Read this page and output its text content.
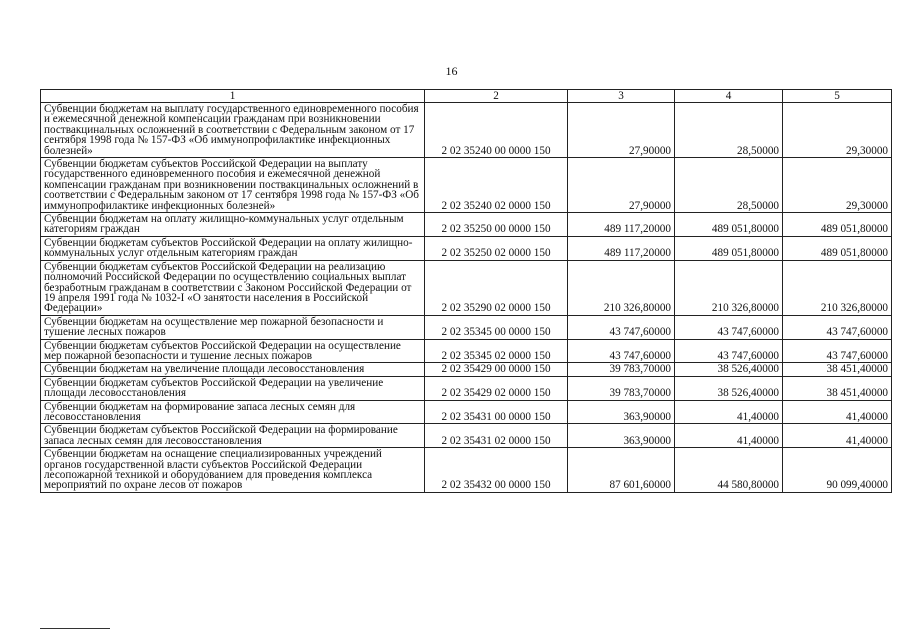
16
1	2	3	4	5
Субвенции бюджетам на выплату государственного единовременного пособия и ежемесячной денежной компенсации гражданам при возникновении поствакцинальных осложнений в соответствии с Федеральным законом от 17 сентября 1998 года № 157-ФЗ «Об иммунопрофилактике инфекционных болезней»	2 02 35240 00 0000 150	27,90000	28,50000	29,30000
Субвенции бюджетам субъектов Российской Федерации на выплату государственного единовременного пособия и ежемесячной денежной компенсации гражданам при возникновении поствакцинальных осложнений в соответствии с Федеральным законом от 17 сентября 1998 года № 157-ФЗ «Об иммунопрофилактике инфекционных болезней»	2 02 35240 02 0000 150	27,90000	28,50000	29,30000
Субвенции бюджетам на оплату жилищно-коммунальных услуг отдельным категориям граждан	2 02 35250 00 0000 150	489 117,20000	489 051,80000	489 051,80000
Субвенции бюджетам субъектов Российской Федерации на оплату жилищно-коммунальных услуг отдельным категориям граждан	2 02 35250 02 0000 150	489 117,20000	489 051,80000	489 051,80000
Субвенции бюджетам субъектов Российской Федерации на реализацию полномочий Российской Федерации по осуществлению социальных выплат безработным гражданам в соответствии с Законом Российской Федерации от 19 апреля 1991 года № 1032-I «О занятости населения в Российской Федерации»	2 02 35290 02 0000 150	210 326,80000	210 326,80000	210 326,80000
Субвенции бюджетам на осуществление мер пожарной безопасности и тушение лесных пожаров	2 02 35345 00 0000 150	43 747,60000	43 747,60000	43 747,60000
Субвенции бюджетам субъектов Российской Федерации на осуществление мер пожарной безопасности и тушение лесных пожаров	2 02 35345 02 0000 150	43 747,60000	43 747,60000	43 747,60000
Субвенции бюджетам на увеличение площади лесовосстановления	2 02 35429 00 0000 150	39 783,70000	38 526,40000	38 451,40000
Субвенции бюджетам субъектов Российской Федерации на увеличение площади лесовосстановления	2 02 35429 02 0000 150	39 783,70000	38 526,40000	38 451,40000
Субвенции бюджетам на формирование запаса лесных семян для лесовосстановления	2 02 35431 00 0000 150	363,90000	41,40000	41,40000
Субвенции бюджетам субъектов Российской Федерации на формирование запаса лесных семян для лесовосстановления	2 02 35431 02 0000 150	363,90000	41,40000	41,40000
Субвенции бюджетам на оснащение специализированных учреждений органов государственной власти субъектов Российской Федерации лесопожарной техникой и оборудованием для проведения комплекса мероприятий по охране лесов от пожаров	2 02 35432 00 0000 150	87 601,60000	44 580,80000	90 099,40000
